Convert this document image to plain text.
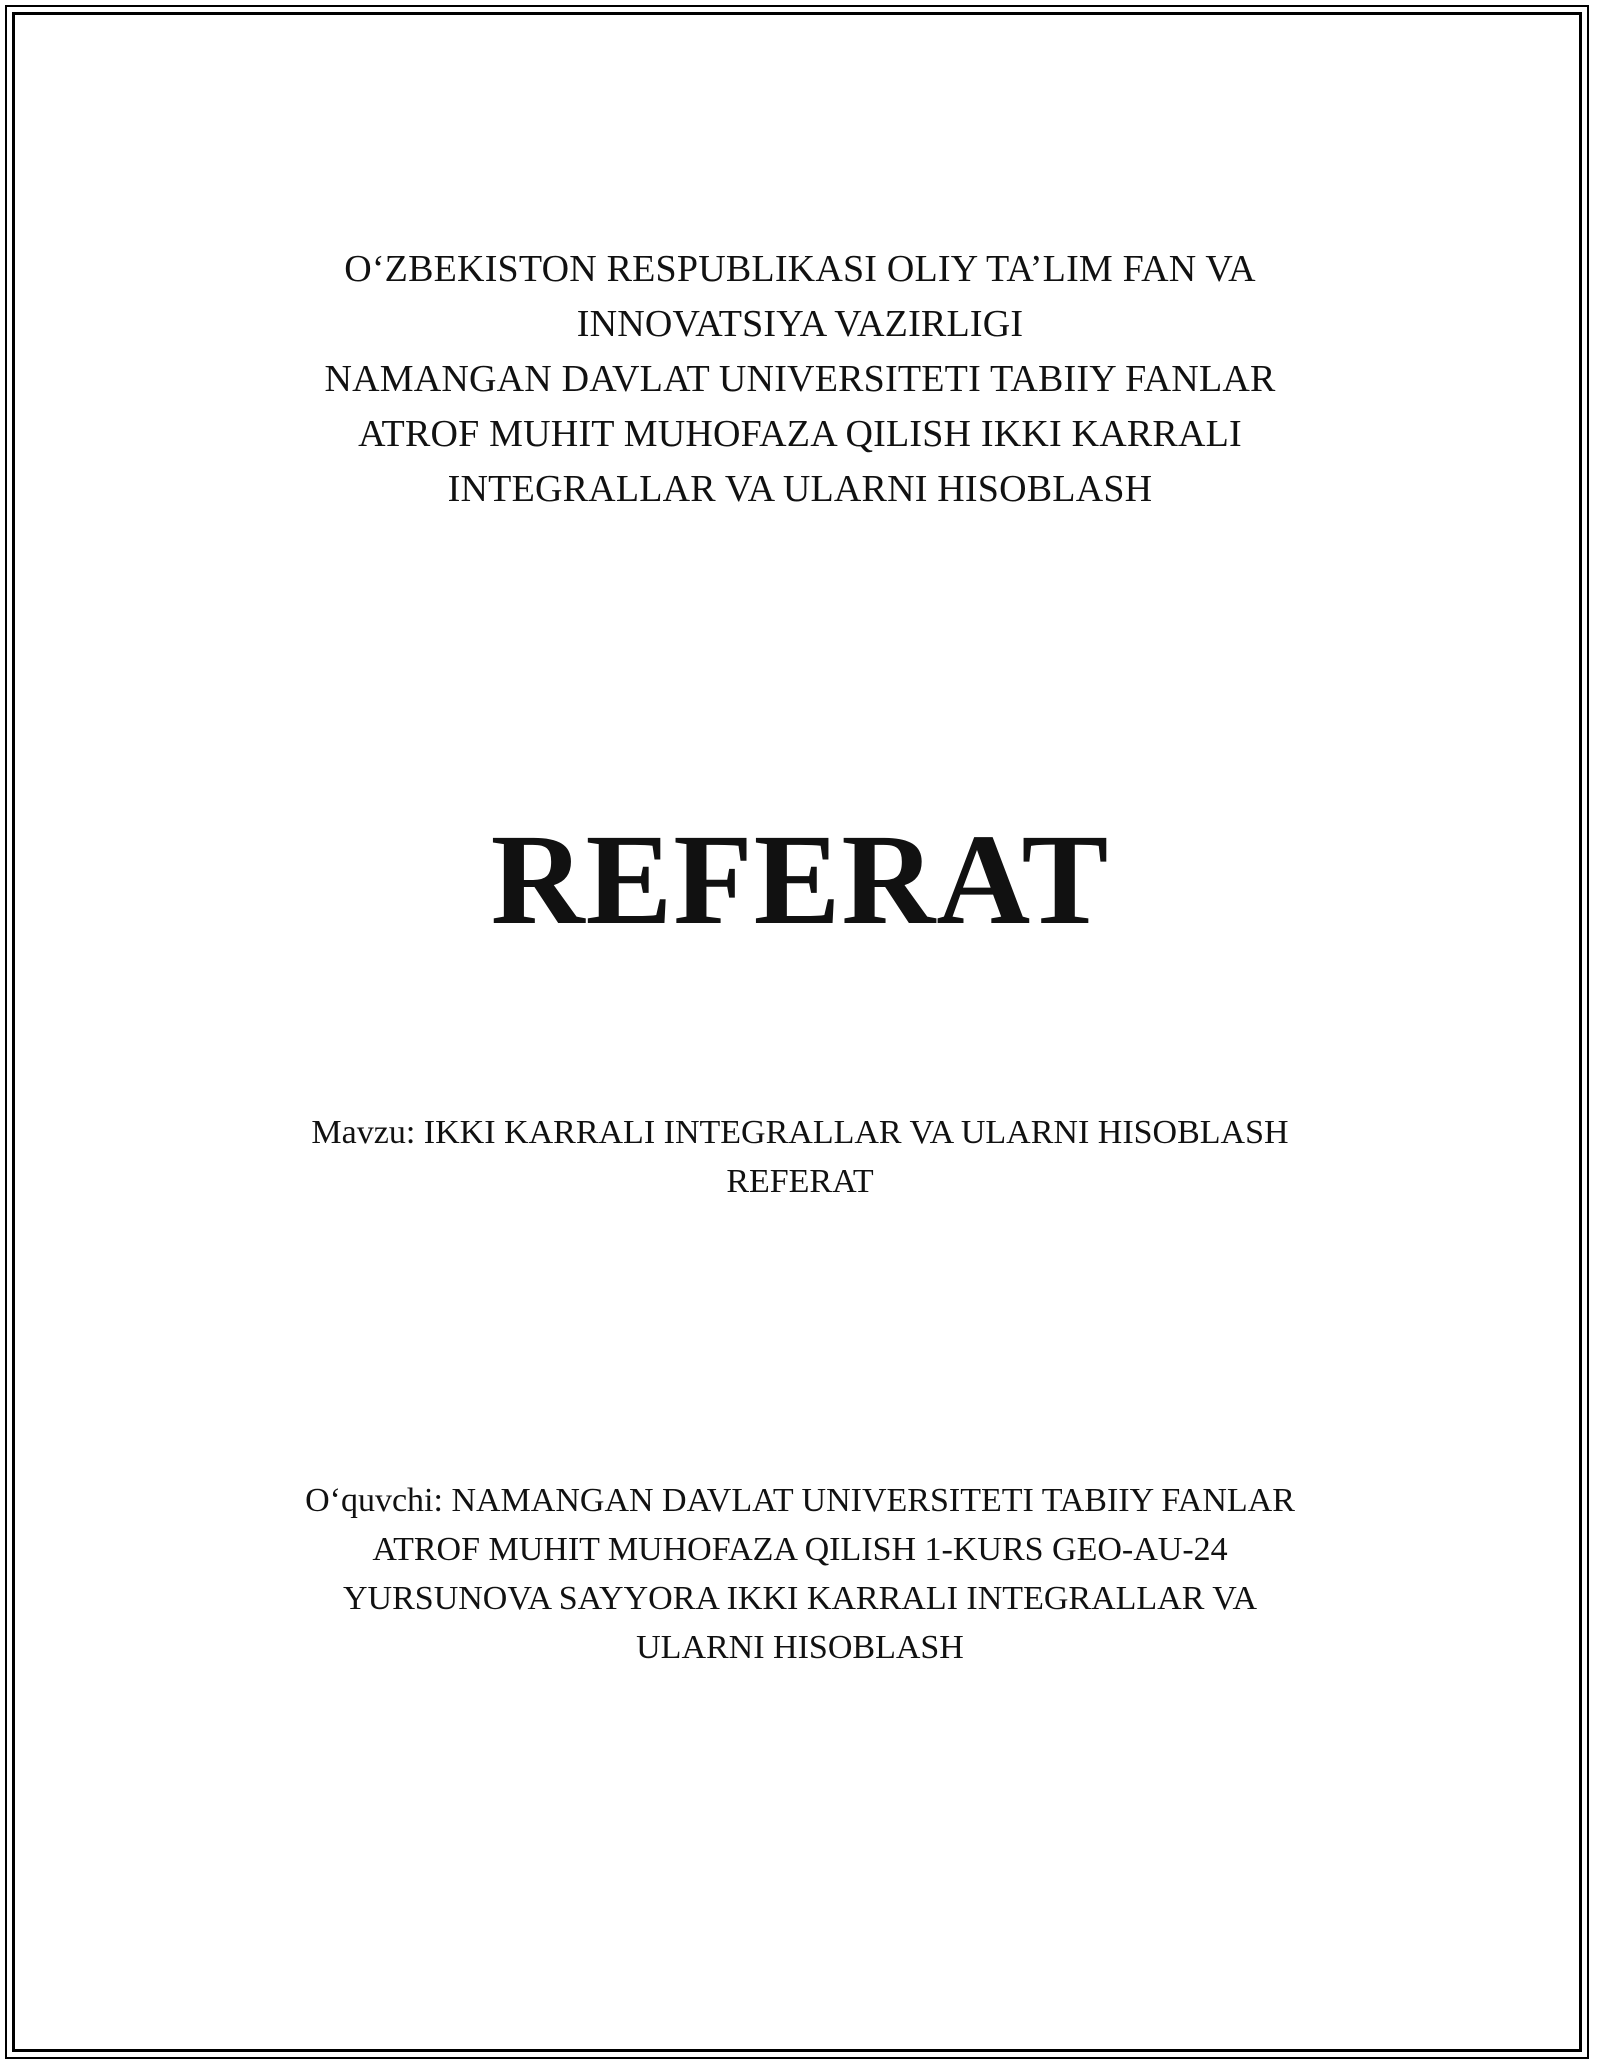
O‘ZBEKISTON RESPUBLIKASI OLIY TA’LIM FAN VA
INNOVATSIYA VAZIRLIGI
NAMANGAN DAVLAT UNIVERSITETI TABIIY FANLAR
ATROF MUHIT MUHOFAZA QILISH IKKI KARRALI
INTEGRALLAR VA ULARNI HISOBLASH
REFERAT
Mavzu: IKKI KARRALI INTEGRALLAR VA ULARNI HISOBLASH
REFERAT
O‘quvchi: NAMANGAN DAVLAT UNIVERSITETI TABIIY FANLAR
ATROF MUHIT MUHOFAZA QILISH 1-KURS GEO-AU-24
YURSUNOVA SAYYORA IKKI KARRALI INTEGRALLAR VA
ULARNI HISOBLASH
